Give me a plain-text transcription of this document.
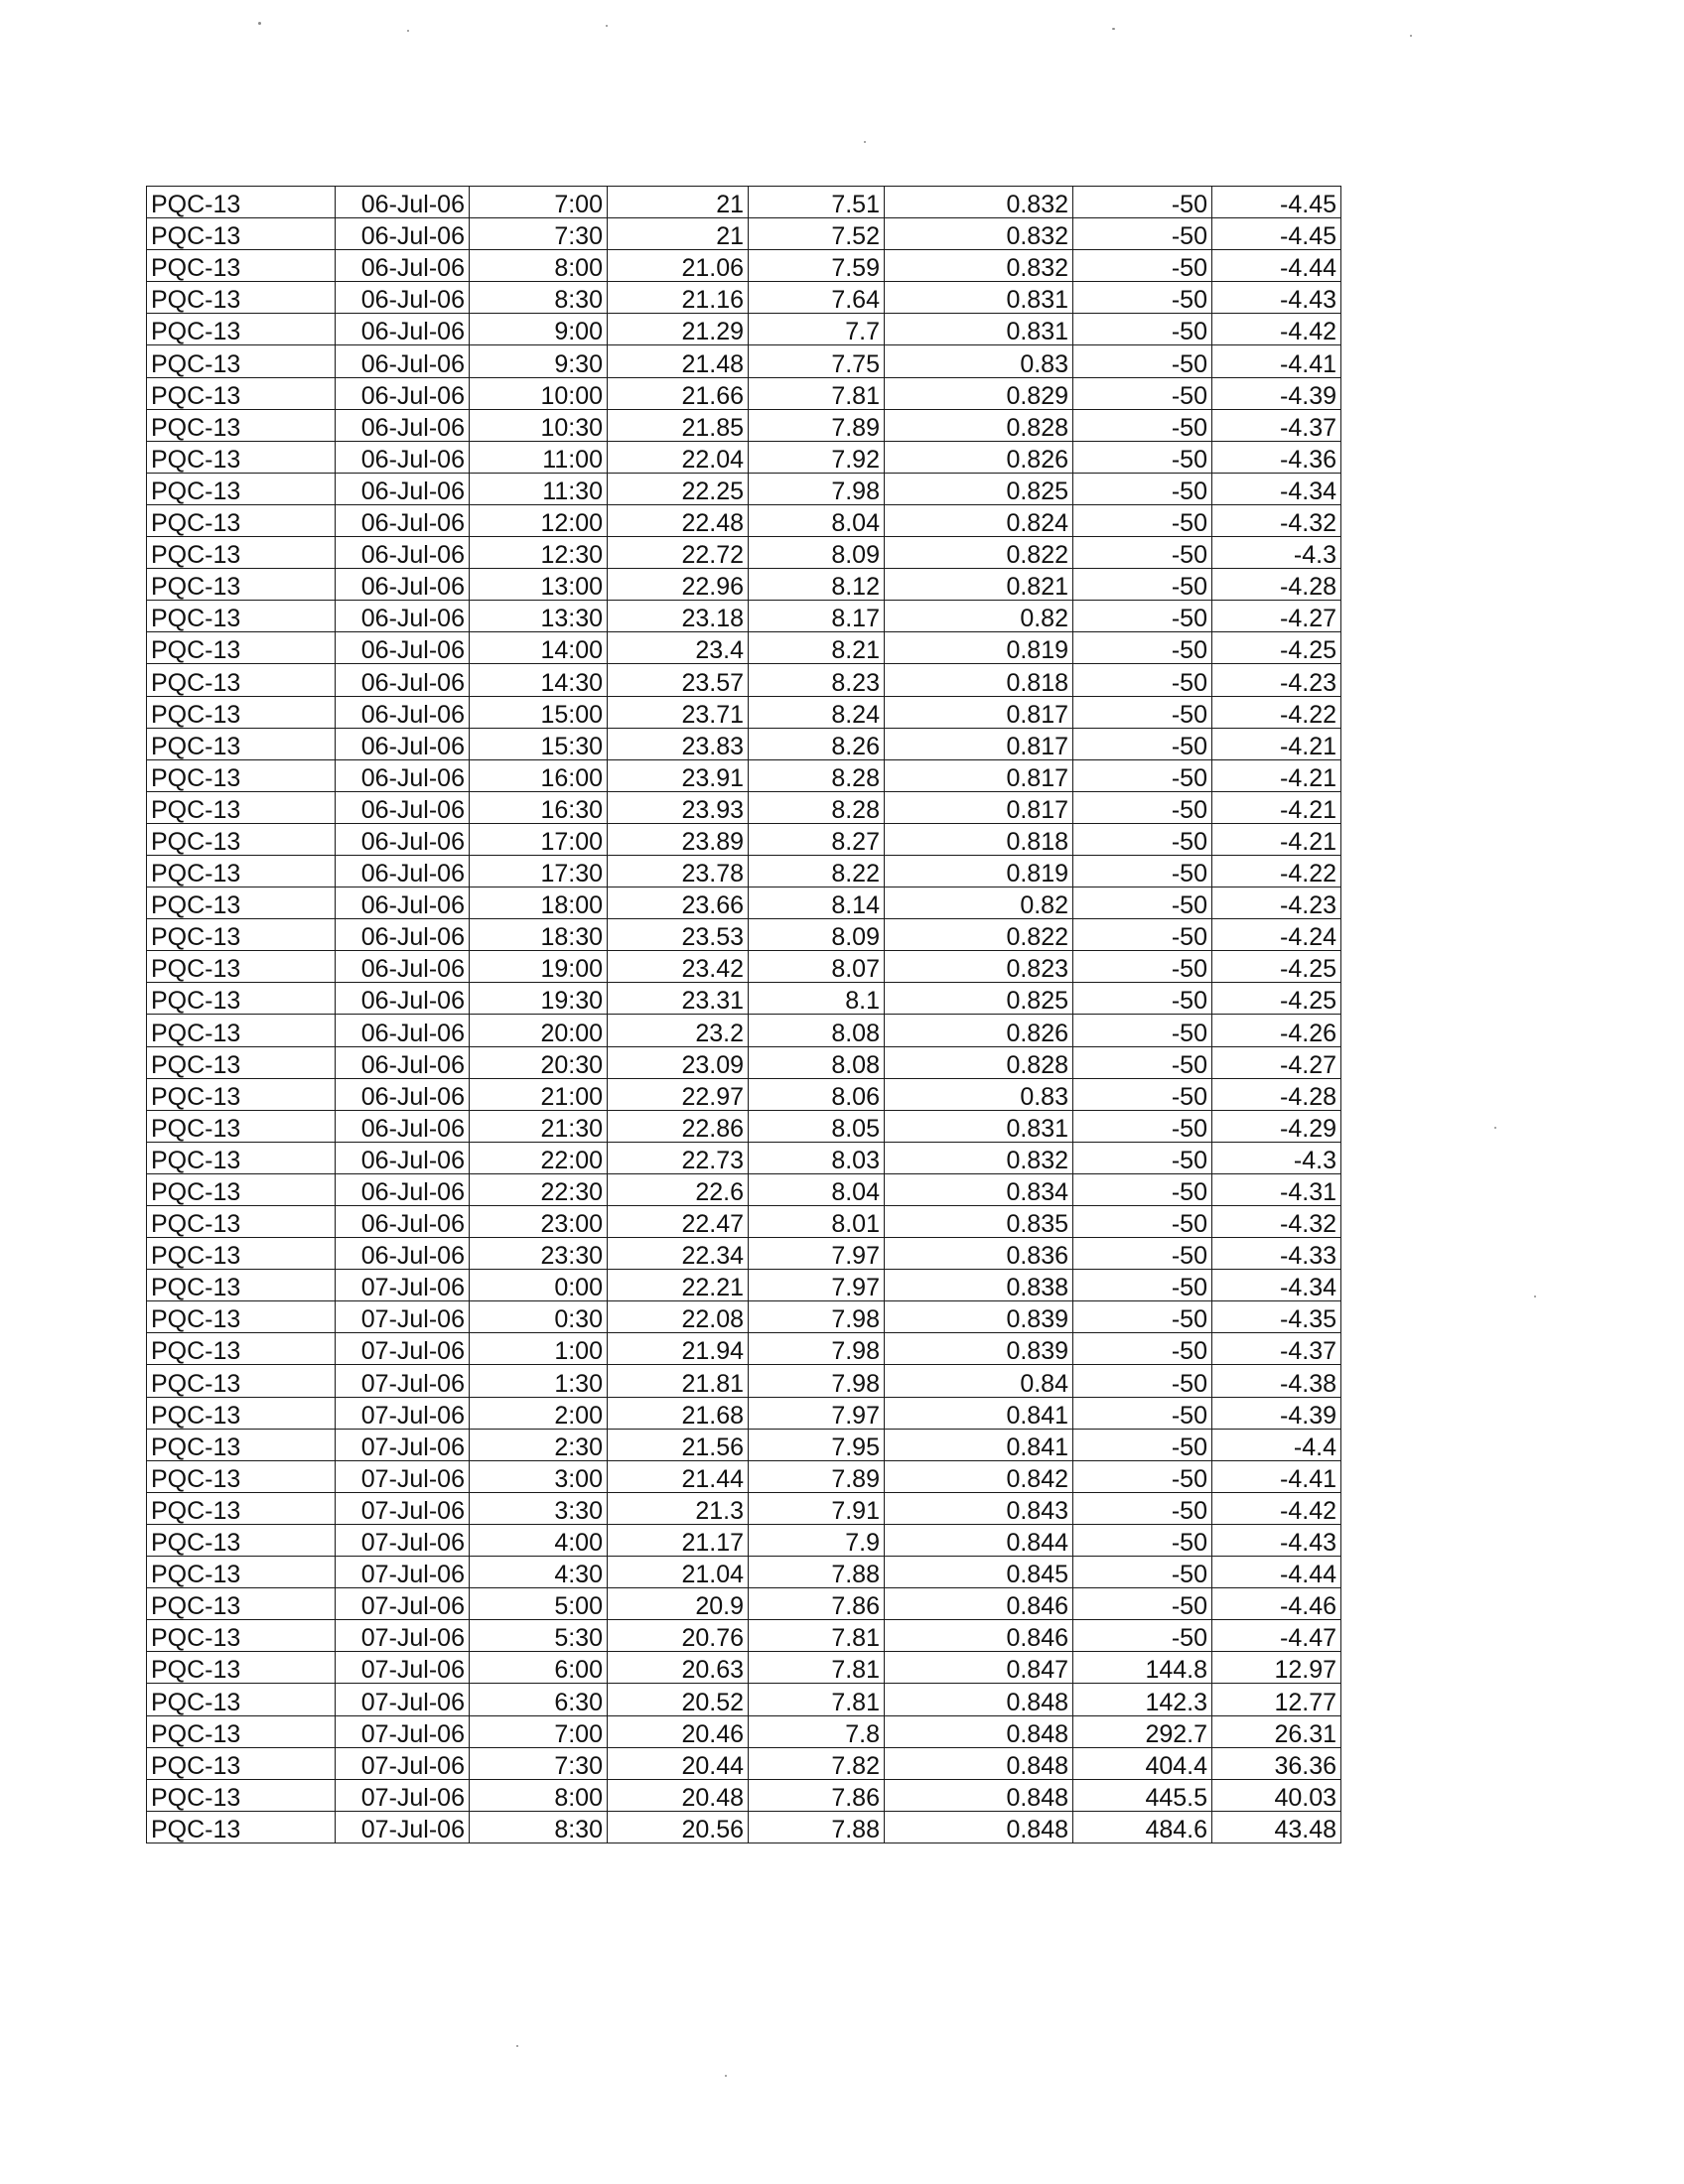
PQC-13	06-Jul-06	7:00	21	7.51	0.832	-50	-4.45
PQC-13	06-Jul-06	7:30	21	7.52	0.832	-50	-4.45
PQC-13	06-Jul-06	8:00	21.06	7.59	0.832	-50	-4.44
PQC-13	06-Jul-06	8:30	21.16	7.64	0.831	-50	-4.43
PQC-13	06-Jul-06	9:00	21.29	7.7	0.831	-50	-4.42
PQC-13	06-Jul-06	9:30	21.48	7.75	0.83	-50	-4.41
PQC-13	06-Jul-06	10:00	21.66	7.81	0.829	-50	-4.39
PQC-13	06-Jul-06	10:30	21.85	7.89	0.828	-50	-4.37
PQC-13	06-Jul-06	11:00	22.04	7.92	0.826	-50	-4.36
PQC-13	06-Jul-06	11:30	22.25	7.98	0.825	-50	-4.34
PQC-13	06-Jul-06	12:00	22.48	8.04	0.824	-50	-4.32
PQC-13	06-Jul-06	12:30	22.72	8.09	0.822	-50	-4.3
PQC-13	06-Jul-06	13:00	22.96	8.12	0.821	-50	-4.28
PQC-13	06-Jul-06	13:30	23.18	8.17	0.82	-50	-4.27
PQC-13	06-Jul-06	14:00	23.4	8.21	0.819	-50	-4.25
PQC-13	06-Jul-06	14:30	23.57	8.23	0.818	-50	-4.23
PQC-13	06-Jul-06	15:00	23.71	8.24	0.817	-50	-4.22
PQC-13	06-Jul-06	15:30	23.83	8.26	0.817	-50	-4.21
PQC-13	06-Jul-06	16:00	23.91	8.28	0.817	-50	-4.21
PQC-13	06-Jul-06	16:30	23.93	8.28	0.817	-50	-4.21
PQC-13	06-Jul-06	17:00	23.89	8.27	0.818	-50	-4.21
PQC-13	06-Jul-06	17:30	23.78	8.22	0.819	-50	-4.22
PQC-13	06-Jul-06	18:00	23.66	8.14	0.82	-50	-4.23
PQC-13	06-Jul-06	18:30	23.53	8.09	0.822	-50	-4.24
PQC-13	06-Jul-06	19:00	23.42	8.07	0.823	-50	-4.25
PQC-13	06-Jul-06	19:30	23.31	8.1	0.825	-50	-4.25
PQC-13	06-Jul-06	20:00	23.2	8.08	0.826	-50	-4.26
PQC-13	06-Jul-06	20:30	23.09	8.08	0.828	-50	-4.27
PQC-13	06-Jul-06	21:00	22.97	8.06	0.83	-50	-4.28
PQC-13	06-Jul-06	21:30	22.86	8.05	0.831	-50	-4.29
PQC-13	06-Jul-06	22:00	22.73	8.03	0.832	-50	-4.3
PQC-13	06-Jul-06	22:30	22.6	8.04	0.834	-50	-4.31
PQC-13	06-Jul-06	23:00	22.47	8.01	0.835	-50	-4.32
PQC-13	06-Jul-06	23:30	22.34	7.97	0.836	-50	-4.33
PQC-13	07-Jul-06	0:00	22.21	7.97	0.838	-50	-4.34
PQC-13	07-Jul-06	0:30	22.08	7.98	0.839	-50	-4.35
PQC-13	07-Jul-06	1:00	21.94	7.98	0.839	-50	-4.37
PQC-13	07-Jul-06	1:30	21.81	7.98	0.84	-50	-4.38
PQC-13	07-Jul-06	2:00	21.68	7.97	0.841	-50	-4.39
PQC-13	07-Jul-06	2:30	21.56	7.95	0.841	-50	-4.4
PQC-13	07-Jul-06	3:00	21.44	7.89	0.842	-50	-4.41
PQC-13	07-Jul-06	3:30	21.3	7.91	0.843	-50	-4.42
PQC-13	07-Jul-06	4:00	21.17	7.9	0.844	-50	-4.43
PQC-13	07-Jul-06	4:30	21.04	7.88	0.845	-50	-4.44
PQC-13	07-Jul-06	5:00	20.9	7.86	0.846	-50	-4.46
PQC-13	07-Jul-06	5:30	20.76	7.81	0.846	-50	-4.47
PQC-13	07-Jul-06	6:00	20.63	7.81	0.847	144.8	12.97
PQC-13	07-Jul-06	6:30	20.52	7.81	0.848	142.3	12.77
PQC-13	07-Jul-06	7:00	20.46	7.8	0.848	292.7	26.31
PQC-13	07-Jul-06	7:30	20.44	7.82	0.848	404.4	36.36
PQC-13	07-Jul-06	8:00	20.48	7.86	0.848	445.5	40.03
PQC-13	07-Jul-06	8:30	20.56	7.88	0.848	484.6	43.48
